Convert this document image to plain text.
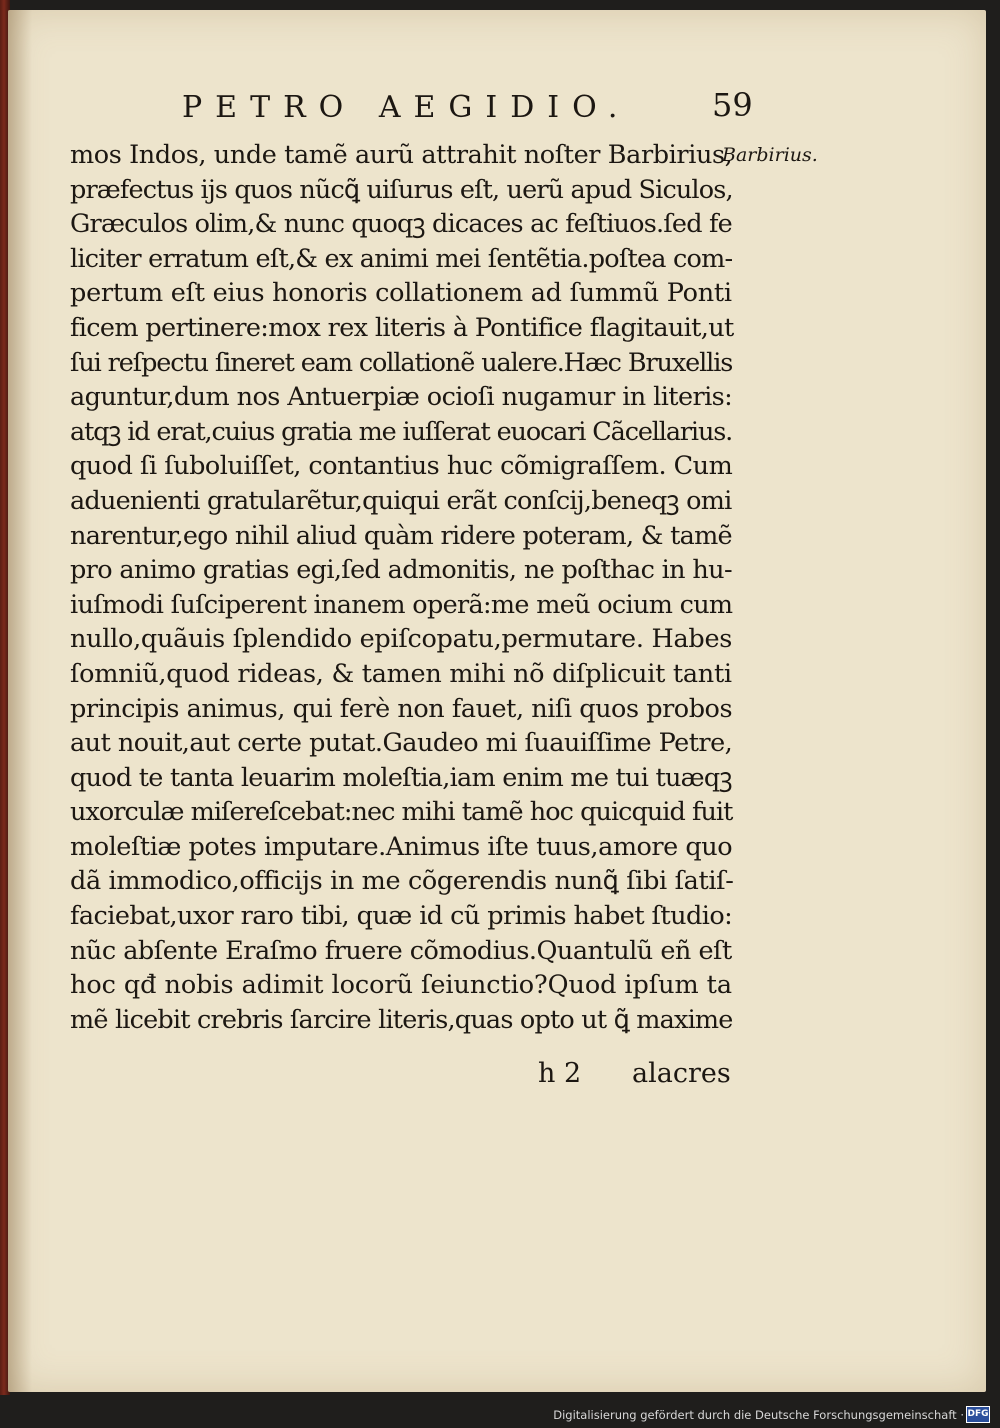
PETRO AEGIDIO.	59
Barbirius.
mos Indos, unde tamẽ aurũ attrahit noſter Barbirius,
præfectus ijs quos nũcꝗ̃ uiſurus eſt, uerũ apud Siculos,
Græculos olim,& nunc quoqꝫ dicaces ac feſtiuos.ſed fe
liciter erratum eſt,& ex animi mei ſentẽtia.poſtea com-
pertum eſt eius honoris collationem ad ſummũ Ponti
ficem pertinere:mox rex literis à Pontifice flagitauit,ut
ſui reſpectu ſineret eam collationẽ ualere.Hæc Bruxellis
aguntur,dum nos Antuerpiæ ocioſi nugamur in literis:
atqꝫ id erat,cuius gratia me iuſſerat euocari Cãcellarius.
quod ſi ſuboluiſſet, contantius huc cõmigraſſem. Cum
aduenienti gratularẽtur,quiqui erãt conſcij,beneqꝫ omi
narentur,ego nihil aliud quàm ridere poteram, & tamẽ
pro animo gratias egi,ſed admonitis, ne poſthac in hu-
iuſmodi ſuſciperent inanem operã:me meũ ocium cum
nullo,quãuis ſplendido epiſcopatu,permutare. Habes
ſomniũ,quod rideas, & tamen mihi nõ diſplicuit tanti
principis animus, qui ferè non fauet, niſi quos probos
aut nouit,aut certe putat.Gaudeo mi ſuauiſſime Petre,
quod te tanta leuarim moleſtia,iam enim me tui tuæqꝫ
uxorculæ miſereſcebat:nec mihi tamẽ hoc quicquid fuit
moleſtiæ potes imputare.Animus iſte tuus,amore quo
dã immodico,officijs in me cõgerendis nunꝗ̃ ſibi ſatiſ-
faciebat,uxor raro tibi, quæ id cũ primis habet ſtudio:
nũc abſente Eraſmo fruere cõmodius.Quantulũ eñ eſt
hoc qđ nobis adimit locorũ ſeiunctio?Quod ipſum ta
mẽ licebit crebris ſarcire literis,quas opto ut ꝗ̃ maxime
h 2 alacres
Digitalisierung gefördert durch die Deutsche Forschungsgemeinschaft · DFG
